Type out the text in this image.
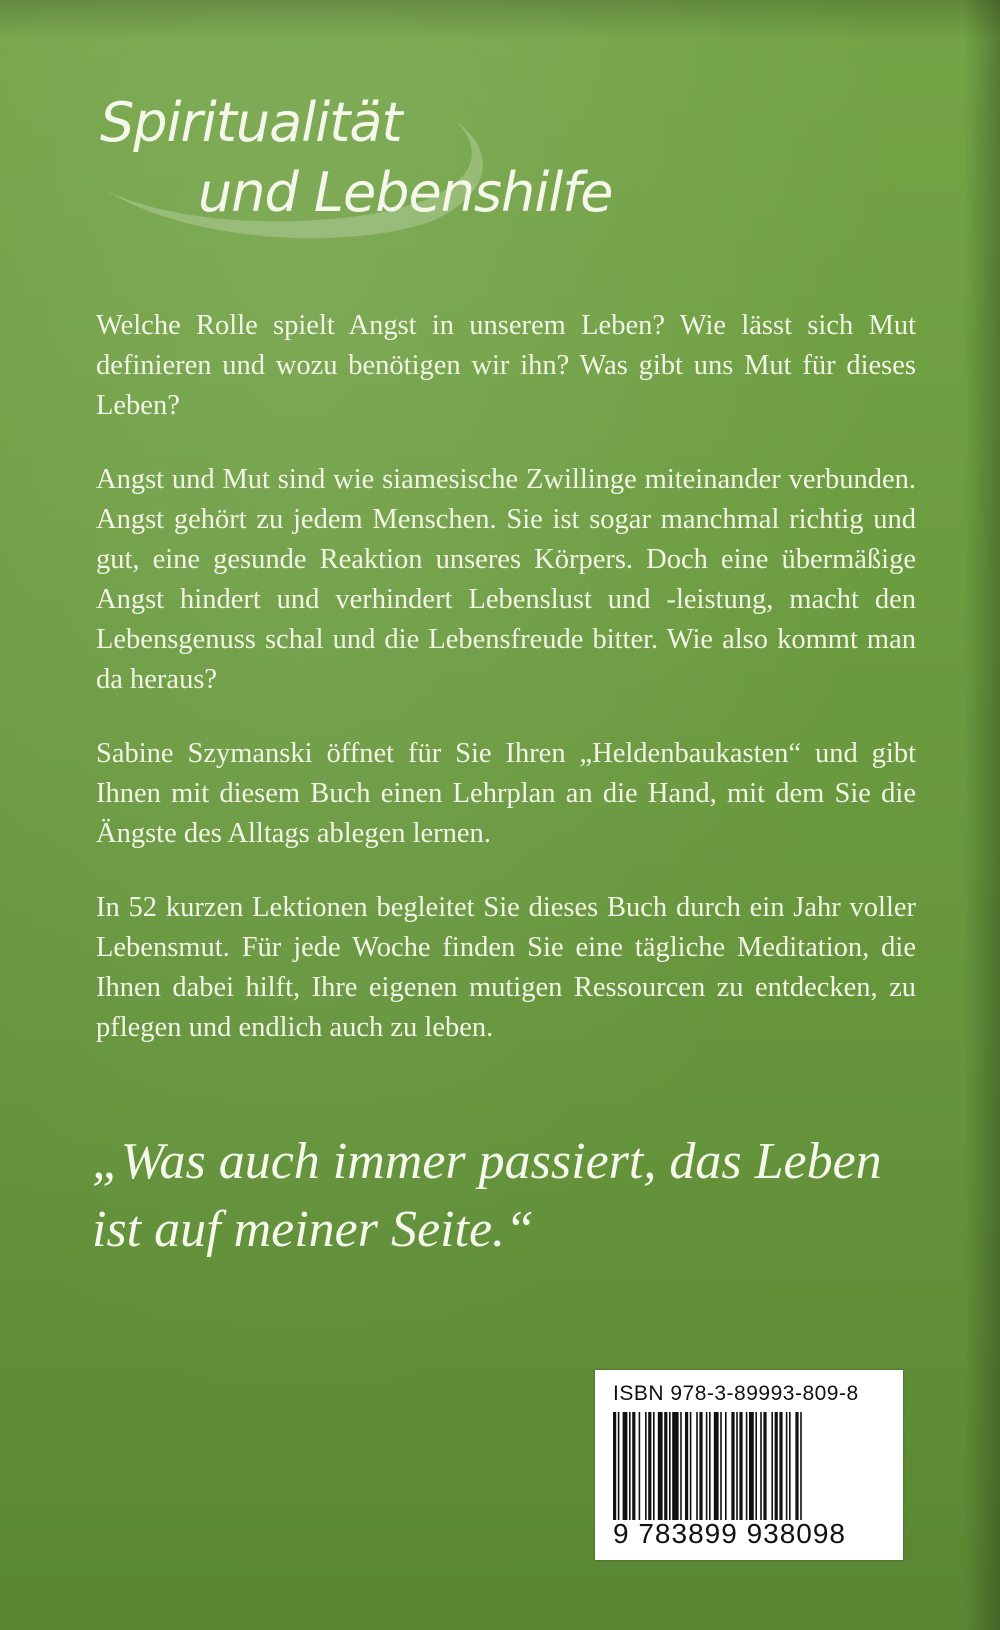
Spiritualität
und Lebenshilfe

Welche Rolle spielt Angst in unserem Leben? Wie lässt sich Mut definieren und wozu benötigen wir ihn? Was gibt uns Mut für dieses Leben?

Angst und Mut sind wie siamesische Zwillinge miteinander verbunden. Angst gehört zu jedem Menschen. Sie ist sogar manchmal richtig und gut, eine gesunde Reaktion unseres Körpers. Doch eine übermäßige Angst hindert und verhindert Lebenslust und -leistung, macht den Lebensgenuss schal und die Lebensfreude bitter. Wie also kommt man da heraus?

Sabine Szymanski öffnet für Sie Ihren „Heldenbaukasten“ und gibt Ihnen mit diesem Buch einen Lehrplan an die Hand, mit dem Sie die Ängste des Alltags ablegen lernen.

In 52 kurzen Lektionen begleitet Sie dieses Buch durch ein Jahr voller Lebensmut. Für jede Woche finden Sie eine tägliche Meditation, die Ihnen dabei hilft, Ihre eigenen mutigen Ressourcen zu entdecken, zu pflegen und endlich auch zu leben.

„Was auch immer passiert, das Leben ist auf meiner Seite.“

ISBN 978-3-89993-809-8

9 783899 938098
